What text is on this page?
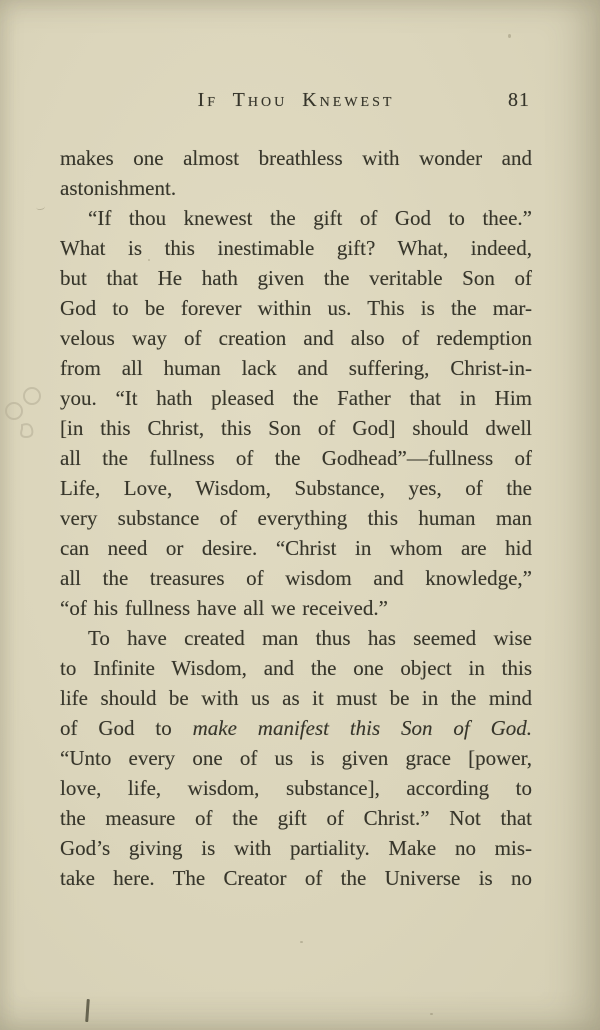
If Thou Knewest	81
makes one almost breathless with wonder and
astonishment.
“If thou knewest the gift of God to thee.”
What is this inestimable gift? What, indeed,
but that He hath given the veritable Son of
God to be forever within us. This is the mar-
velous way of creation and also of redemption
from all human lack and suffering, Christ-in-
you. “It hath pleased the Father that in Him
[in this Christ, this Son of God] should dwell
all the fullness of the Godhead”—fullness of
Life, Love, Wisdom, Substance, yes, of the
very substance of everything this human man
can need or desire. “Christ in whom are hid
all the treasures of wisdom and knowledge,”
“of his fullness have all we received.”
To have created man thus has seemed wise
to Infinite Wisdom, and the one object in this
life should be with us as it must be in the mind
of God to make manifest this Son of God.
“Unto every one of us is given grace [power,
love, life, wisdom, substance], according to
the measure of the gift of Christ.” Not that
God’s giving is with partiality. Make no mis-
take here. The Creator of the Universe is no
